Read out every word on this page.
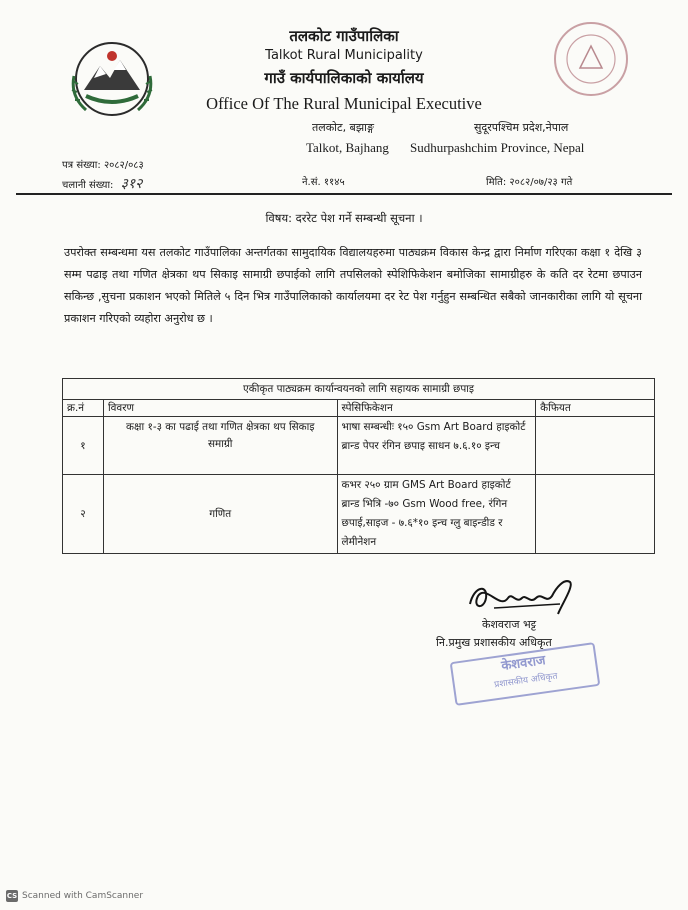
तलकोट गाउँपालिका
Talkot Rural Municipality
गाउँ कार्यपालिकाको कार्यालय
Office Of The Rural Municipal Executive
तलकोट, बझाङ्ग	सुदूरपश्चिम प्रदेश,नेपाल
Talkot, Bajhang Sudhurpashchim Province, Nepal
पत्र संख्या: २०८२/०८३
चलानी संख्या: ३१२	ने.सं. ११४५	मिति: २०८२/०७/२३ गते
विषय: दररेट पेश गर्ने सम्बन्धी सूचना ।
उपरोक्त सम्बन्धमा यस तलकोट गाउँपालिका अन्तर्गतका सामुदायिक विद्यालयहरुमा पाठ्यक्रम विकास केन्द्र द्वारा निर्माण गरिएका कक्षा १ देखि ३ सम्म पढाइ तथा गणित क्षेत्रका थप सिकाइ सामाग्री छपाईको लागि तपसिलको स्पेशिफिकेशन बमोजिका सामाग्रीहरु के कति दर रेटमा छपाउन सकिन्छ ,सुचना प्रकाशन भएको मितिले ५ दिन भित्र गाउँपालिकाको कार्यालयमा दर रेट पेश गर्नुहुन सम्बन्धित सबैको जानकारीका लागि यो सूचना प्रकाशन गरिएको व्यहोरा अनुरोध छ ।
एकीकृत पाठ्यक्रम कार्यान्वयनको लागि सहायक सामाग्री छपाइ			
क्र.नं	विवरण	स्पेसिफिकेशन	कैफियत
१	कक्षा १-३ का पढाई तथा गणित क्षेत्रका थप सिकाइ समाग्री	भाषा सम्बन्धीः १५० Gsm Art Board हाइकोर्ट ब्रान्ड पेपर रंगिन छपाइ साधन ७.६.१० इन्च	
२	गणित	कभर २५० ग्राम GMS Art Board हाइकोर्ट ब्रान्ड भित्रि -७० Gsm Wood free, रंगिन छपाई,साइज - ७.६*१० इन्च ग्लु बाइन्डीड र लेमीनेशन	
केशवराज भट्ट
नि.प्रमुख प्रशासकीय अधिकृत
केशवराज
प्रशासकीय अधिकृत
CS Scanned with CamScanner
